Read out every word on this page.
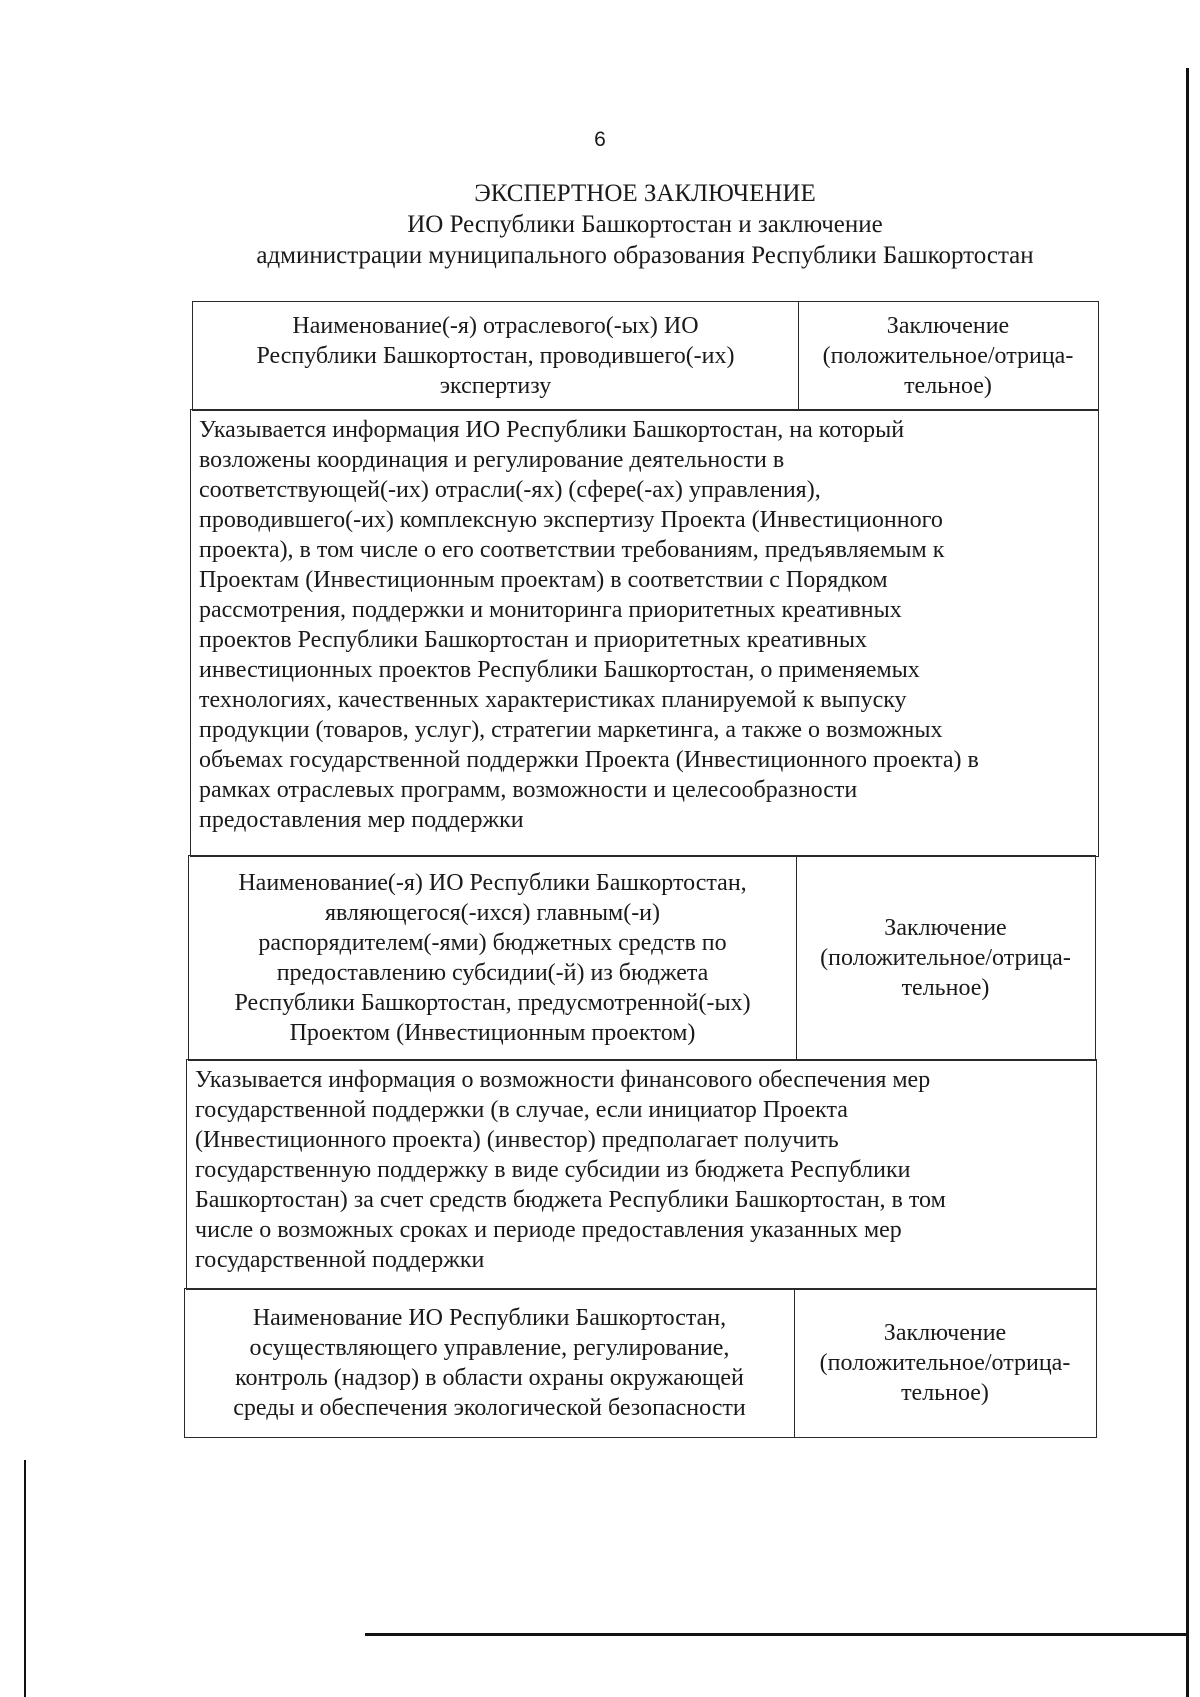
6
ЭКСПЕРТНОЕ ЗАКЛЮЧЕНИЕ
ИО Республики Башкортостан и заключение
администрации муниципального образования Республики Башкортостан
Наименование(-я) отраслевого(-ых) ИО
Республики Башкортостан, проводившего(-их)
экспертизу
Заключение
(положительное/отрица-
тельное)
Указывается информация ИО Республики Башкортостан, на который
возложены координация и регулирование деятельности в
соответствующей(-их) отрасли(-ях) (сфере(-ах) управления),
проводившего(-их) комплексную экспертизу Проекта (Инвестиционного
проекта), в том числе о его соответствии требованиям, предъявляемым к
Проектам (Инвестиционным проектам) в соответствии с Порядком
рассмотрения, поддержки и мониторинга приоритетных креативных
проектов Республики Башкортостан и приоритетных креативных
инвестиционных проектов Республики Башкортостан, о применяемых
технологиях, качественных характеристиках планируемой к выпуску
продукции (товаров, услуг), стратегии маркетинга, а также о возможных
объемах государственной поддержки Проекта (Инвестиционного проекта) в
рамках отраслевых программ, возможности и целесообразности
предоставления мер поддержки
Наименование(-я) ИО Республики Башкортостан,
являющегося(-ихся) главным(-и)
распорядителем(-ями) бюджетных средств по
предоставлению субсидии(-й) из бюджета
Республики Башкортостан, предусмотренной(-ых)
Проектом (Инвестиционным проектом)
Заключение
(положительное/отрица-
тельное)
Указывается информация о возможности финансового обеспечения мер
государственной поддержки (в случае, если инициатор Проекта
(Инвестиционного проекта) (инвестор) предполагает получить
государственную поддержку в виде субсидии из бюджета Республики
Башкортостан) за счет средств бюджета Республики Башкортостан, в том
числе о возможных сроках и периоде предоставления указанных мер
государственной поддержки
Наименование ИО Республики Башкортостан,
осуществляющего управление, регулирование,
контроль (надзор) в области охраны окружающей
среды и обеспечения экологической безопасности
Заключение
(положительное/отрица-
тельное)
